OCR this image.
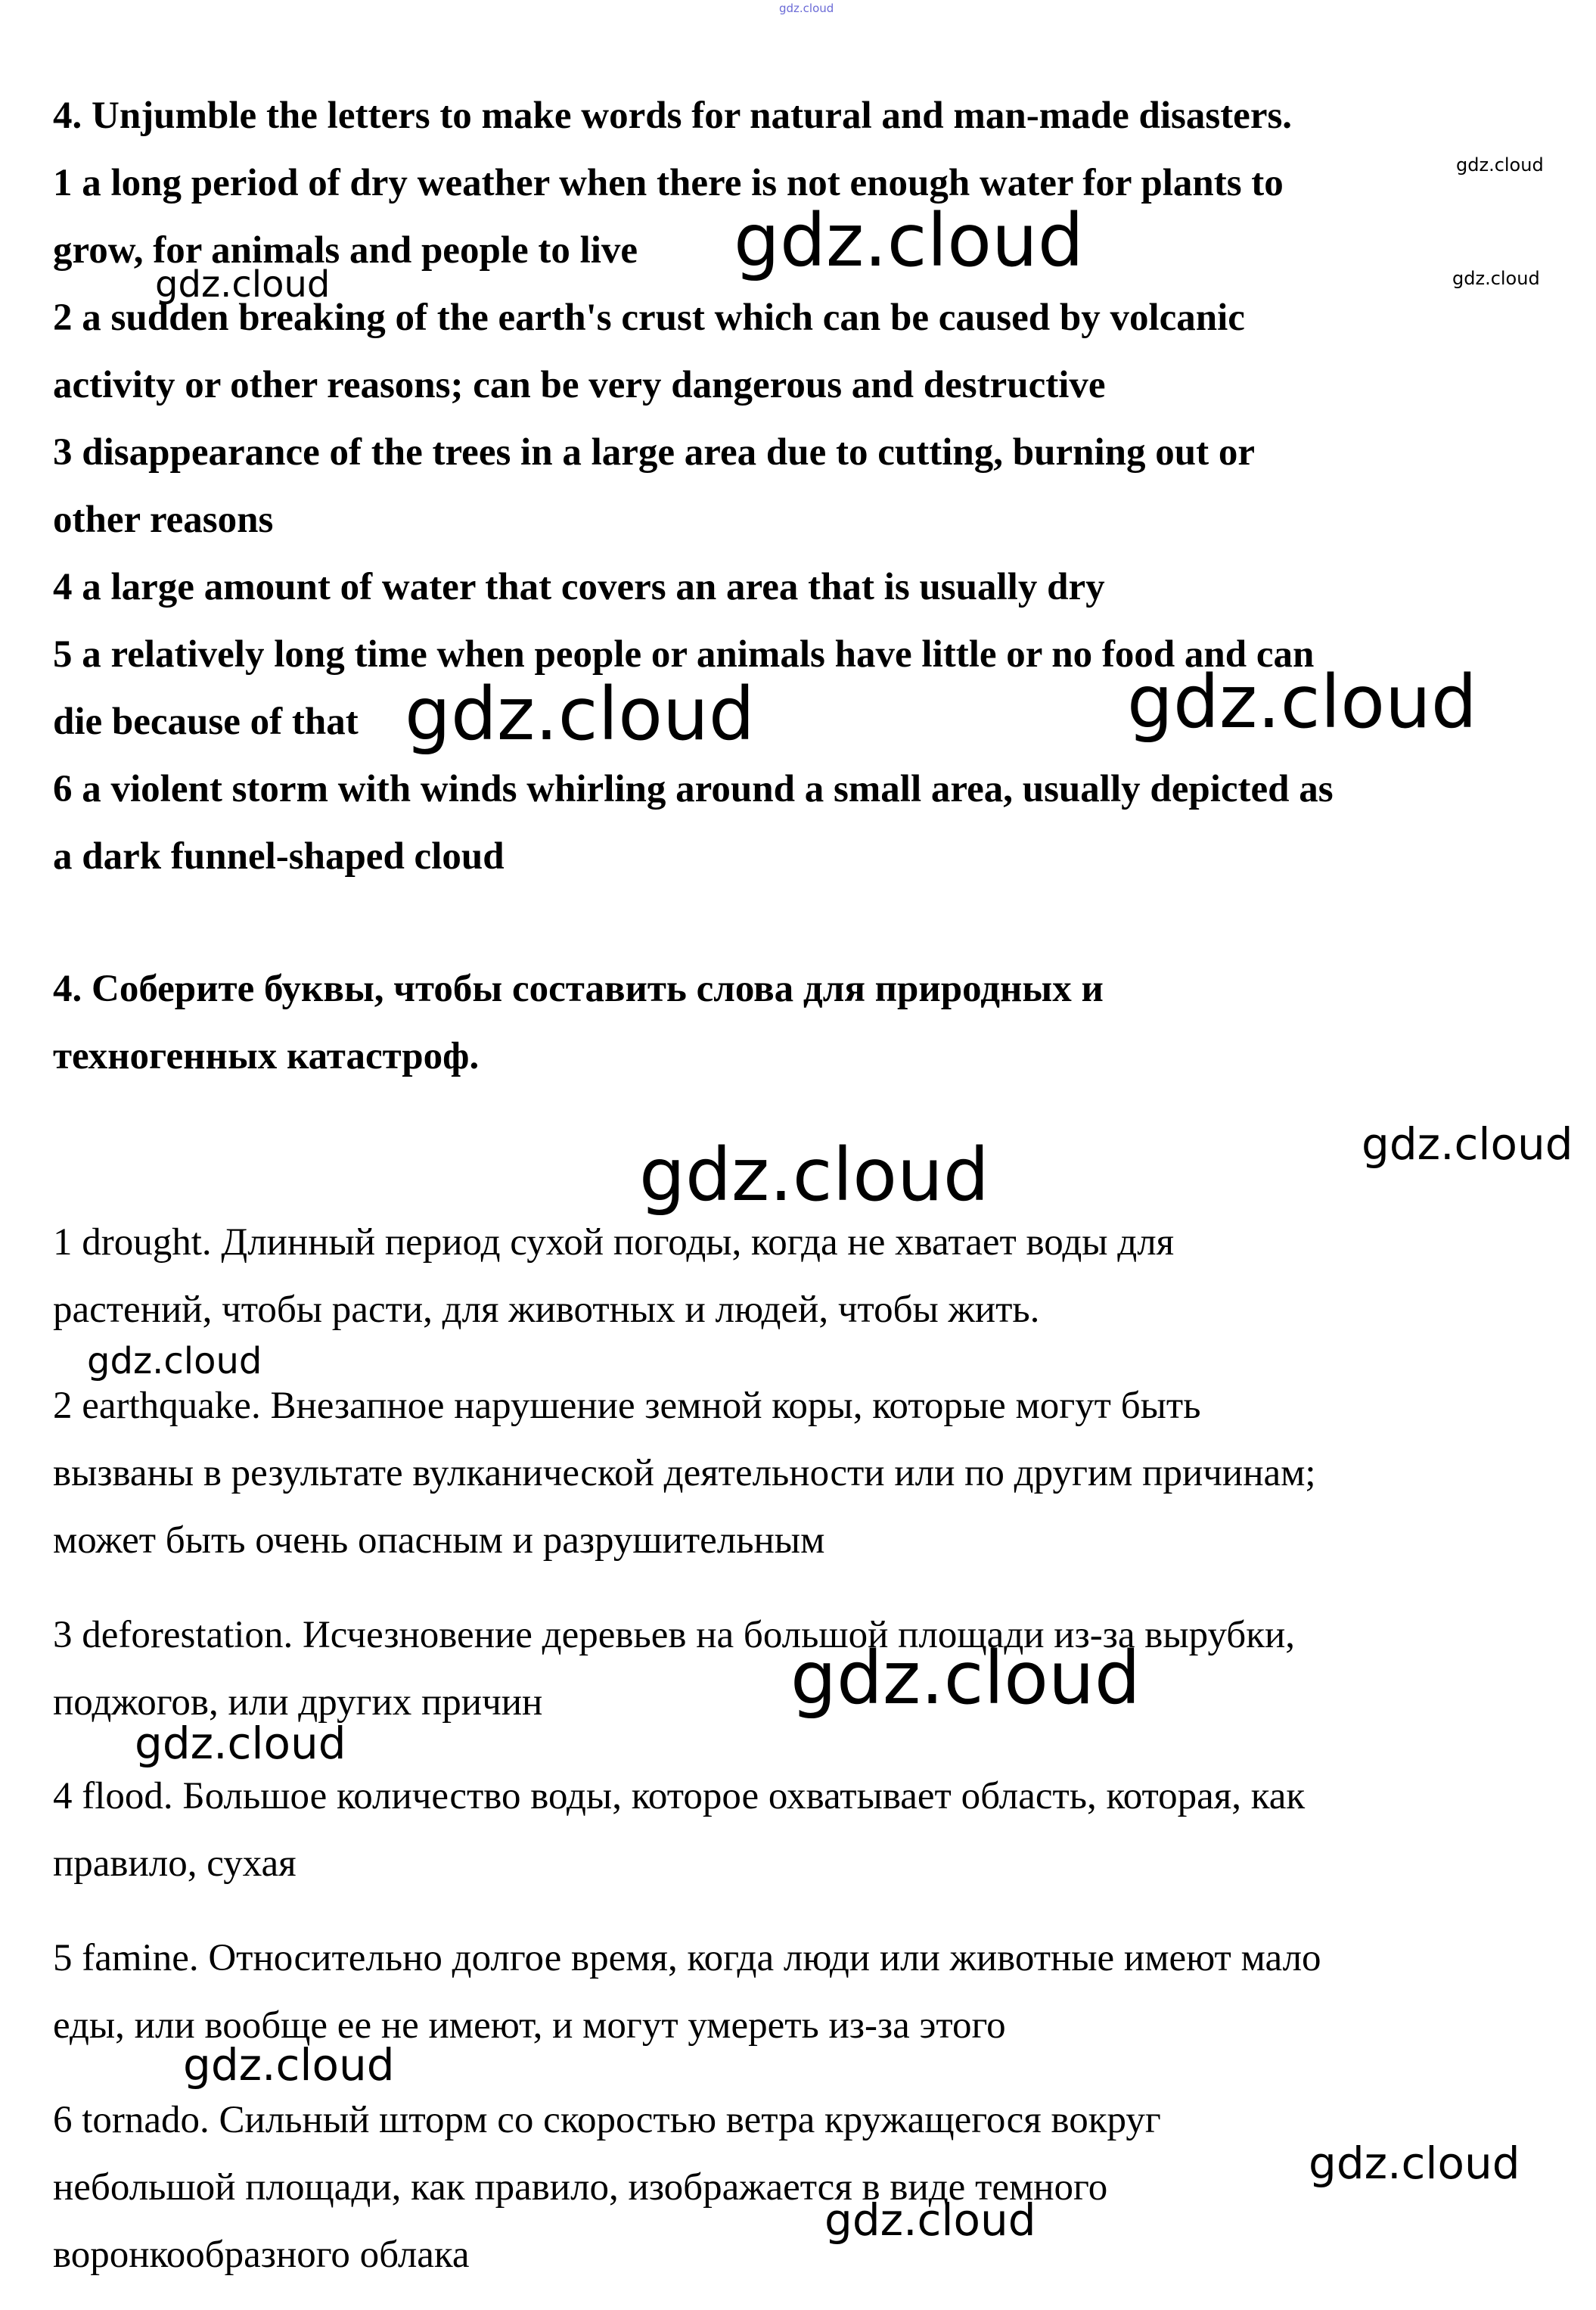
gdz.cloud

4. Unjumble the letters to make words for natural and man-made disasters.

1 a long period of dry weather when there is not enough water for plants to

grow, for animals and people to live

2 a sudden breaking of the earth's crust which can be caused by volcanic

activity or other reasons; can be very dangerous and destructive

3 disappearance of the trees in a large area due to cutting, burning out or

other reasons

4 a large amount of water that covers an area that is usually dry

5 a relatively long time when people or animals have little or no food and can

die because of that

6 a violent storm with winds whirling around a small area, usually depicted as

a dark funnel-shaped cloud

4. Соберите буквы, чтобы составить слова для природных и

техногенных катастроф.

1 drought. Длинный период сухой погоды, когда не хватает воды для

растений, чтобы расти, для животных и людей, чтобы жить.

2 earthquake. Внезапное нарушение земной коры, которые могут быть

вызваны в результате вулканической деятельности или по другим причинам;

может быть очень опасным и разрушительным

3 deforestation. Исчезновение деревьев на большой площади из-за вырубки,

поджогов, или других причин

4 flood. Большое количество воды, которое охватывает область, которая, как

правило, сухая

5 famine. Относительно долгое время, когда люди или животные имеют мало

еды, или вообще ее не имеют, и могут умереть из-за этого

6 tornado. Сильный шторм со скоростью ветра кружащегося вокруг

небольшой площади, как правило, изображается в виде темного

воронкообразного облака

gdz.cloud
gdz.cloud
gdz.cloud	gdz.cloud
gdz.cloud	gdz.cloud
gdz.cloud
gdz.cloud
gdz.cloud
gdz.cloud
gdz.cloud
gdz.cloud
gdz.cloud
gdz.cloud
